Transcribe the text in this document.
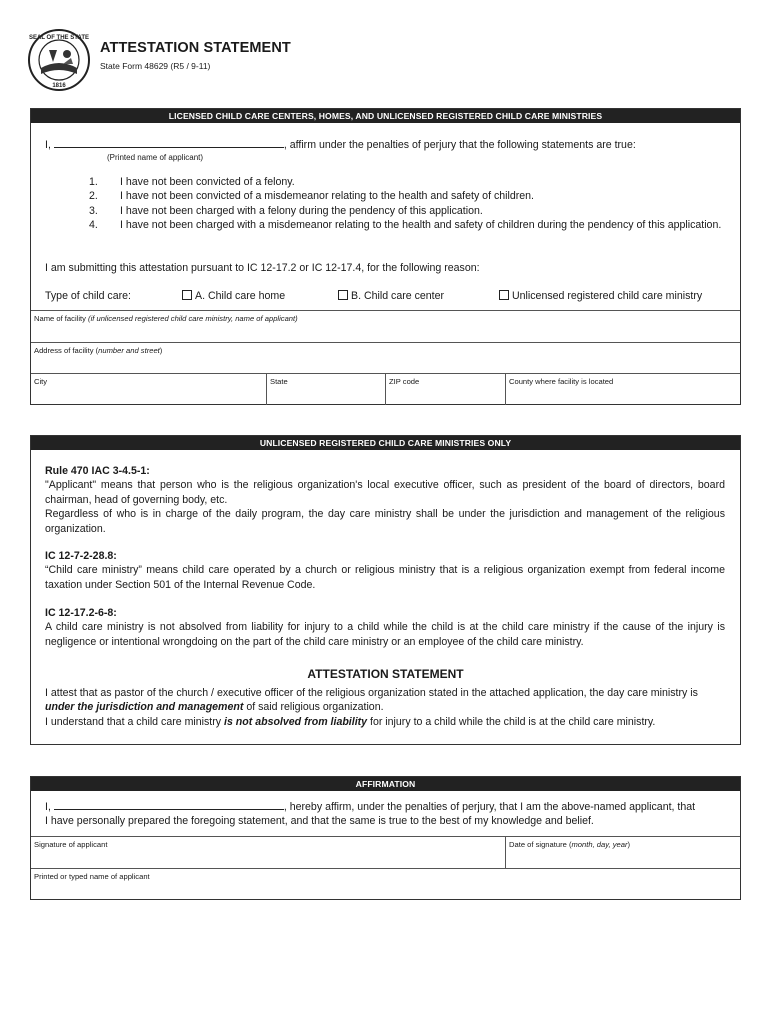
SEAL OF THE STATE
1816
ATTESTATION STATEMENT
State Form 48629 (R5 / 9-11)
LICENSED CHILD CARE CENTERS, HOMES, AND UNLICENSED REGISTERED CHILD CARE MINISTRIES
I,	, affirm under the penalties of perjury that the following statements are true:
(Printed name of applicant)
1. I have not been convicted of a felony.
2. I have not been convicted of a misdemeanor relating to the health and safety of children.
3. I have not been charged with a felony during the pendency of this application.
4. I have not been charged with a misdemeanor relating to the health and safety of children during the pendency of this application.
I am submitting this attestation pursuant to IC 12-17.2 or IC 12-17.4, for the following reason:
Type of child care:	A. Child care home	B. Child care center	Unlicensed registered child care ministry
Name of facility (if unlicensed registered child care ministry, name of applicant)
Address of facility (number and street)
City	State	ZIP code	County where facility is located
UNLICENSED REGISTERED CHILD CARE MINISTRIES ONLY
Rule 470 IAC 3-4.5-1:
"Applicant" means that person who is the religious organization's local executive officer, such as president of the board of directors, board chairman, head of governing body, etc.
Regardless of who is in charge of the daily program, the day care ministry shall be under the jurisdiction and management of the religious organization.
IC 12-7-2-28.8:
“Child care ministry” means child care operated by a church or religious ministry that is a religious organization exempt from federal income taxation under Section 501 of the Internal Revenue Code.
IC 12-17.2-6-8:
A child care ministry is not absolved from liability for injury to a child while the child is at the child care ministry if the cause of the injury is negligence or intentional wrongdoing on the part of the child care ministry or an employee of the child care ministry.
ATTESTATION STATEMENT
I attest that as pastor of the church / executive officer of the religious organization stated in the attached application, the day care ministry is under the jurisdiction and management of said religious organization.
I understand that a child care ministry is not absolved from liability for injury to a child while the child is at the child care ministry.
AFFIRMATION
I,	, hereby affirm, under the penalties of perjury, that I am the above-named applicant, that
I have personally prepared the foregoing statement, and that the same is true to the best of my knowledge and belief.
Signature of applicant	Date of signature (month, day, year)
Printed or typed name of applicant
